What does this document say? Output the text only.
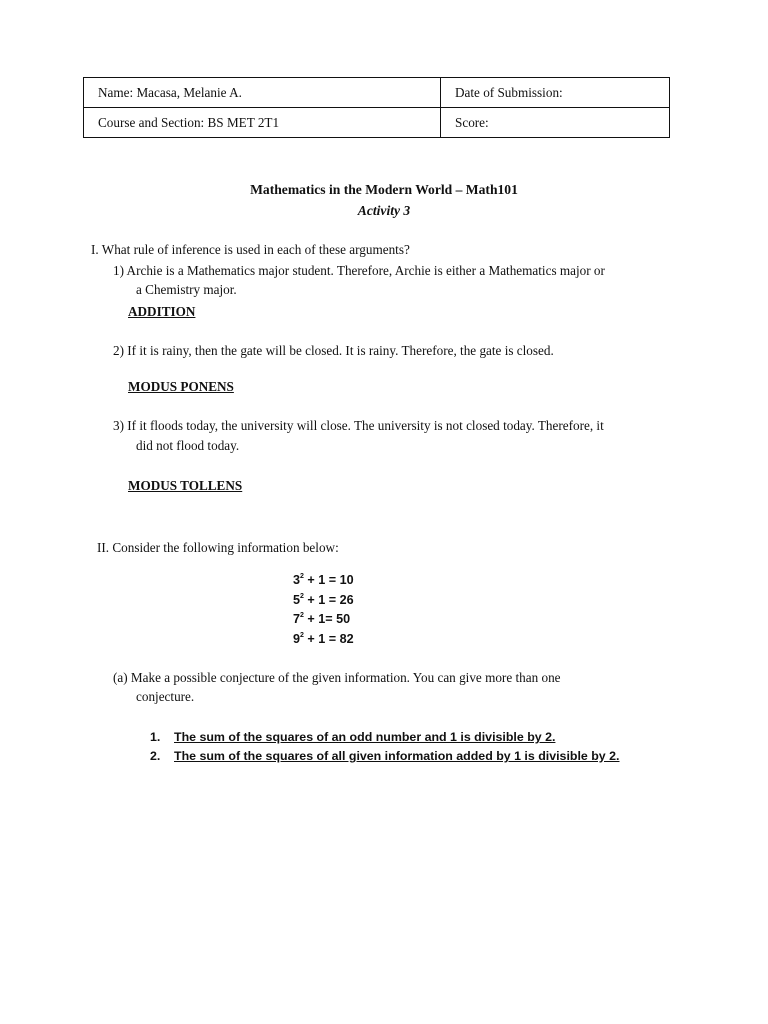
Name: Macasa, Melanie A.	Date of Submission:
Course and Section: BS MET 2T1	Score:
Mathematics in the Modern World – Math101
Activity 3
I. What rule of inference is used in each of these arguments?
1) Archie is a Mathematics major student. Therefore, Archie is either a Mathematics major or
a Chemistry major.
ADDITION
2) If it is rainy, then the gate will be closed. It is rainy. Therefore, the gate is closed.
MODUS PONENS
3) If it floods today, the university will close. The university is not closed today. Therefore, it
did not flood today.
MODUS TOLLENS
II. Consider the following information below:
$3^2 + 1 = 10$
$5^2 + 1 = 26$
$7^2 + 1= 50$
$9^2 + 1 = 82$
(a) Make a possible conjecture of the given information. You can give more than one
conjecture.
1. The sum of the squares of an odd number and 1 is divisible by 2.
2. The sum of the squares of all given information added by 1 is divisible by 2.
